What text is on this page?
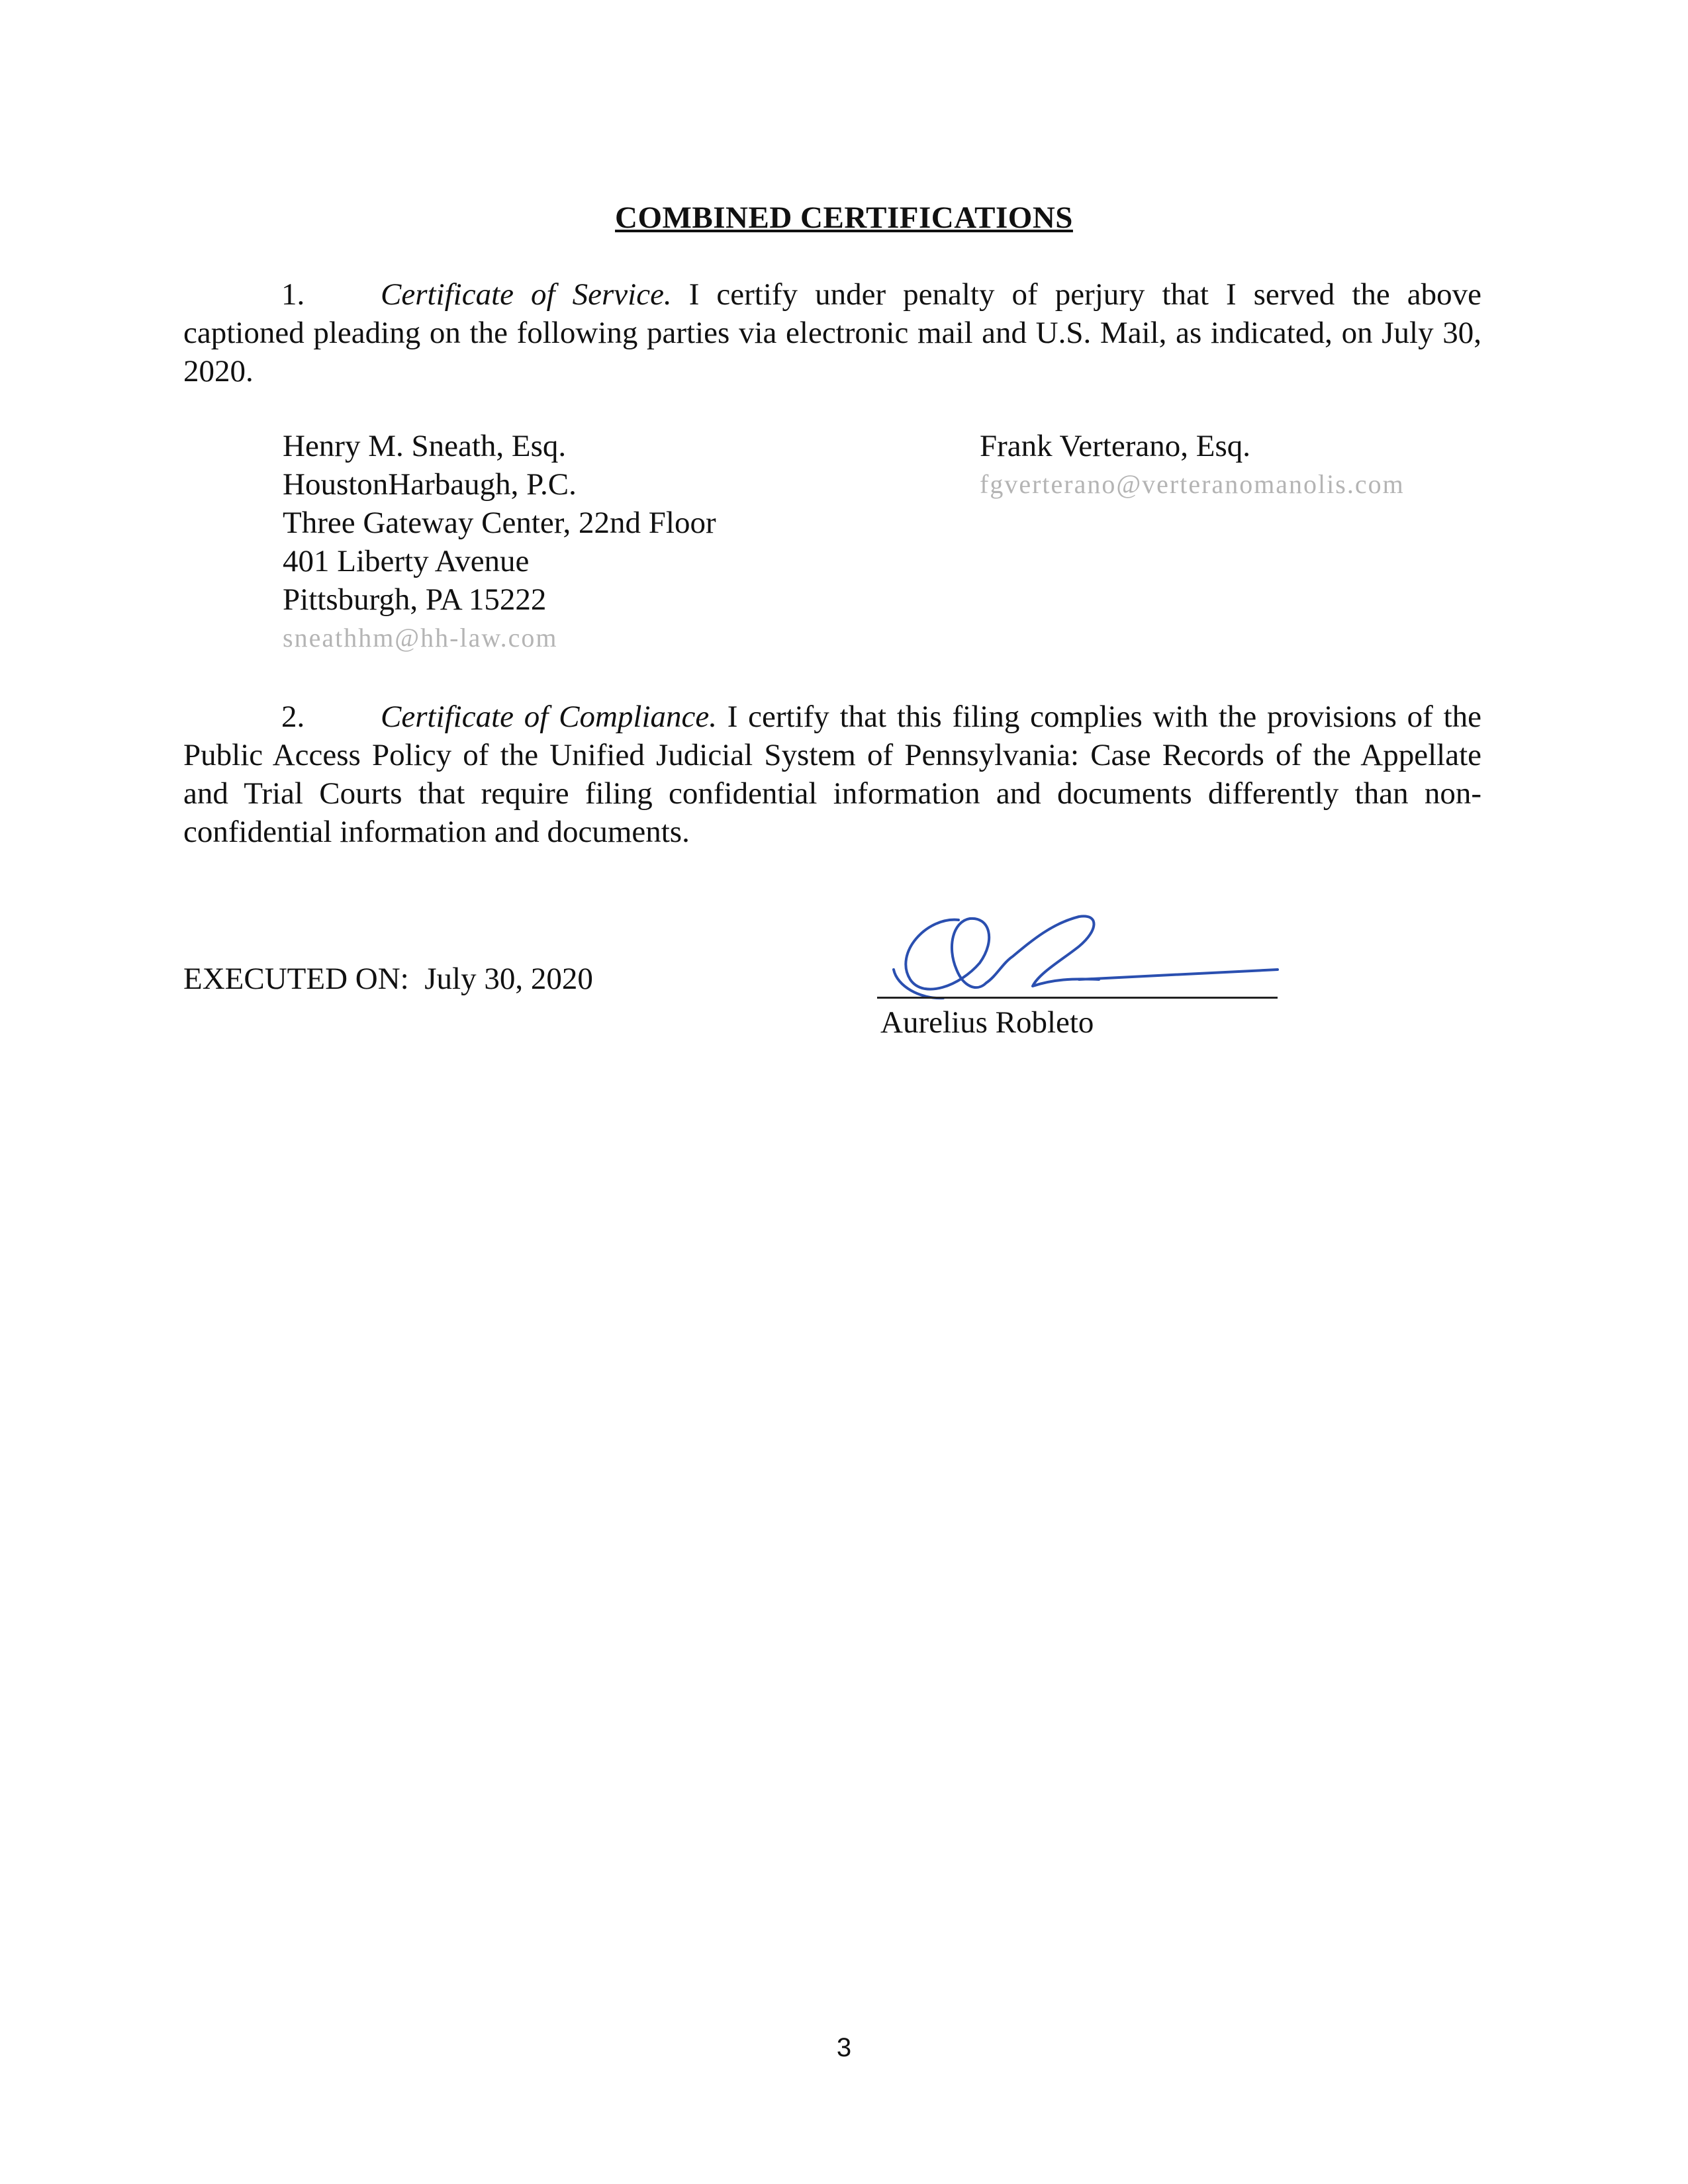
COMBINED CERTIFICATIONS
1. Certificate of Service. I certify under penalty of perjury that I served the above captioned pleading on the following parties via electronic mail and U.S. Mail, as indicated, on July 30, 2020.
Henry M. Sneath, Esq.
HoustonHarbaugh, P.C.
Three Gateway Center, 22nd Floor
401 Liberty Avenue
Pittsburgh, PA 15222
sneathhm@hh-law.com
Frank Verterano, Esq.
fgverterano@verteranomanolis.com
2. Certificate of Compliance. I certify that this filing complies with the provisions of the Public Access Policy of the Unified Judicial System of Pennsylvania: Case Records of the Appellate and Trial Courts that require filing confidential information and documents differently than non-confidential information and documents.
EXECUTED ON: July 30, 2020
Aurelius Robleto
3
